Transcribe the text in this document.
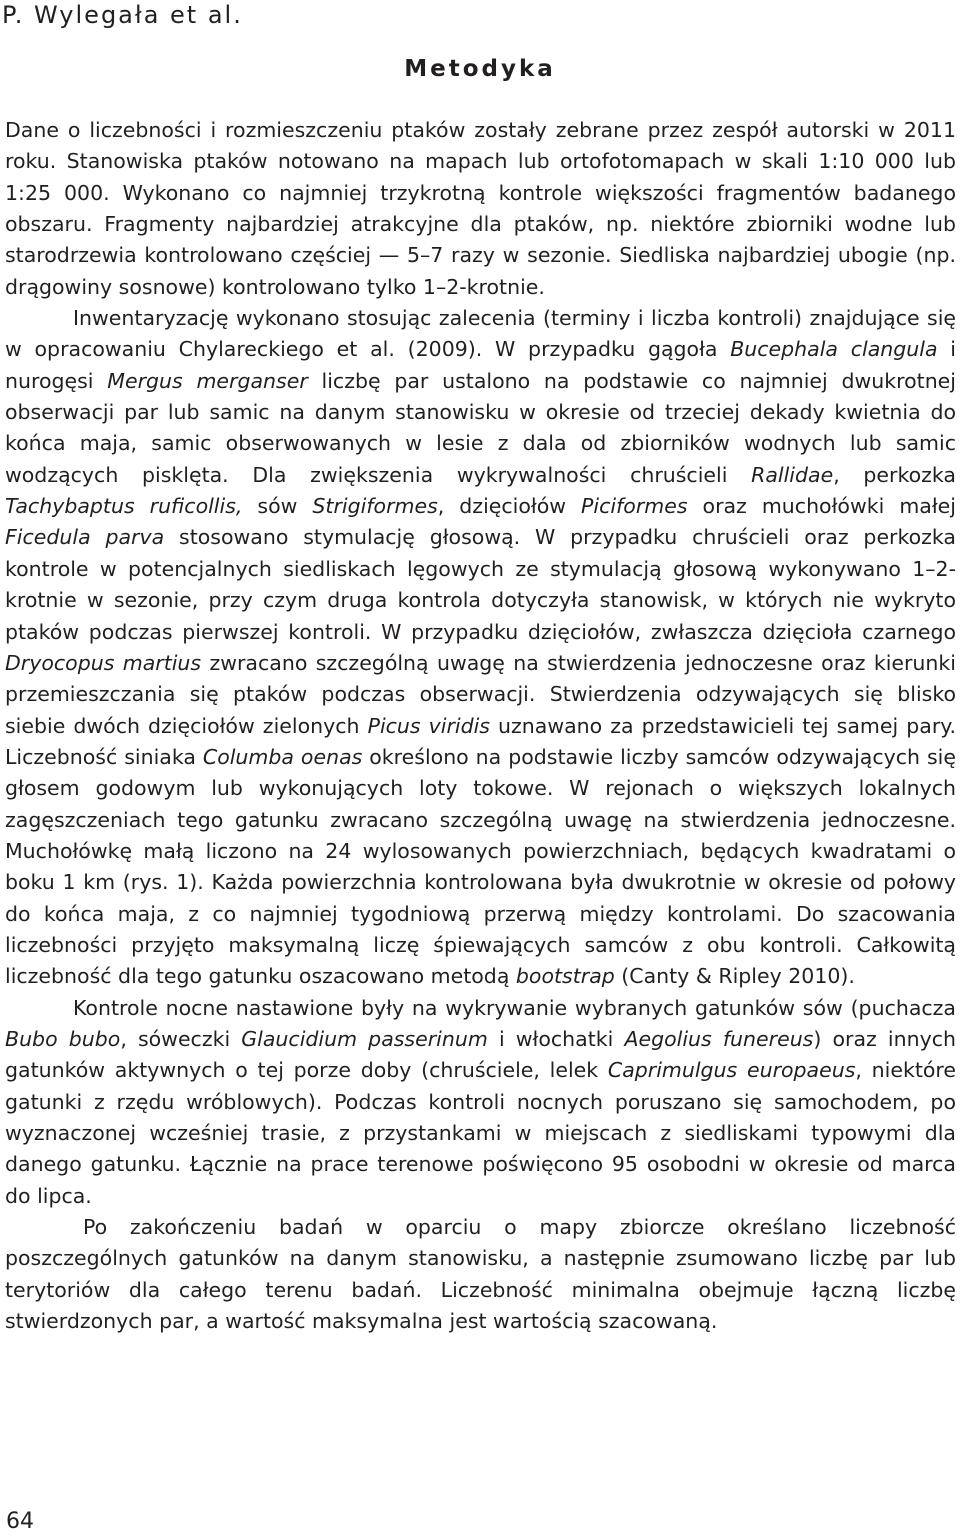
P. Wylegała et al.
Metodyka

Dane o liczebności i rozmieszczeniu ptaków zostały zebrane przez zespół autorski w 2011 roku. Stanowiska ptaków notowano na mapach lub ortofotomapach w skali 1:10 000 lub 1:25 000. Wykonano co najmniej trzykrotną kontrole większości fragmentów badanego obszaru. Fragmenty najbardziej atrakcyjne dla ptaków, np. niektóre zbiorniki wodne lub starodrzewia kontrolowano częściej — 5–7 razy w sezonie. Siedliska najbardziej ubogie (np. drągowiny sosnowe) kontrolowano tylko 1–2-krotnie.

Inwentaryzację wykonano stosując zalecenia (terminy i liczba kontroli) znajdujące się w opracowaniu Chylareckiego et al. (2009). W przypadku gągoła Bucephala clangula i nurogęsi Mergus merganser liczbę par ustalono na podstawie co najmniej dwukrotnej obserwacji par lub samic na danym stanowisku w okresie od trzeciej dekady kwietnia do końca maja, samic obserwowanych w lesie z dala od zbiorników wodnych lub samic wodzących pisklęta. Dla zwiększenia wykrywalności chruścieli Rallidae, perkozka Tachybaptus ruficollis, sów Strigiformes, dzięciołów Piciformes oraz muchołówki małej Ficedula parva stosowano stymulację głosową. W przypadku chruścieli oraz perkozka kontrole w potencjalnych siedliskach lęgowych ze stymulacją głosową wykonywano 1–2-krotnie w sezonie, przy czym druga kontrola dotyczyła stanowisk, w których nie wykryto ptaków podczas pierwszej kontroli. W przypadku dzięciołów, zwłaszcza dzięcioła czarnego Dryocopus martius zwracano szczególną uwagę na stwierdzenia jednoczesne oraz kierunki przemieszczania się ptaków podczas obserwacji. Stwierdzenia odzywających się blisko siebie dwóch dzięciołów zielonych Picus viridis uznawano za przedstawicieli tej samej pary. Liczebność siniaka Columba oenas określono na podstawie liczby samców odzywających się głosem godowym lub wykonujących loty tokowe. W rejonach o większych lokalnych zagęszczeniach tego gatunku zwracano szczególną uwagę na stwierdzenia jednoczesne. Muchołówkę małą liczono na 24 wylosowanych powierzchniach, będących kwadratami o boku 1 km (rys. 1). Każda powierzchnia kontrolowana była dwukrotnie w okresie od połowy do końca maja, z co najmniej tygodniową przerwą między kontrolami. Do szacowania liczebności przyjęto maksymalną liczę śpiewających samców z obu kontroli. Całkowitą liczebność dla tego gatunku oszacowano metodą bootstrap (Canty & Ripley 2010).

Kontrole nocne nastawione były na wykrywanie wybranych gatunków sów (puchacza Bubo bubo, sóweczki Glaucidium passerinum i włochatki Aegolius funereus) oraz innych gatunków aktywnych o tej porze doby (chruściele, lelek Caprimulgus europaeus, niektóre gatunki z rzędu wróblowych). Podczas kontroli nocnych poruszano się samochodem, po wyznaczonej wcześniej trasie, z przystankami w miejscach z siedliskami typowymi dla danego gatunku. Łącznie na prace terenowe poświęcono 95 osobodni w okresie od marca do lipca.

Po zakończeniu badań w oparciu o mapy zbiorcze określano liczebność poszczególnych gatunków na danym stanowisku, a następnie zsumowano liczbę par lub terytoriów dla całego terenu badań. Liczebność minimalna obejmuje łączną liczbę stwierdzonych par, a wartość maksymalna jest wartością szacowaną.

64
